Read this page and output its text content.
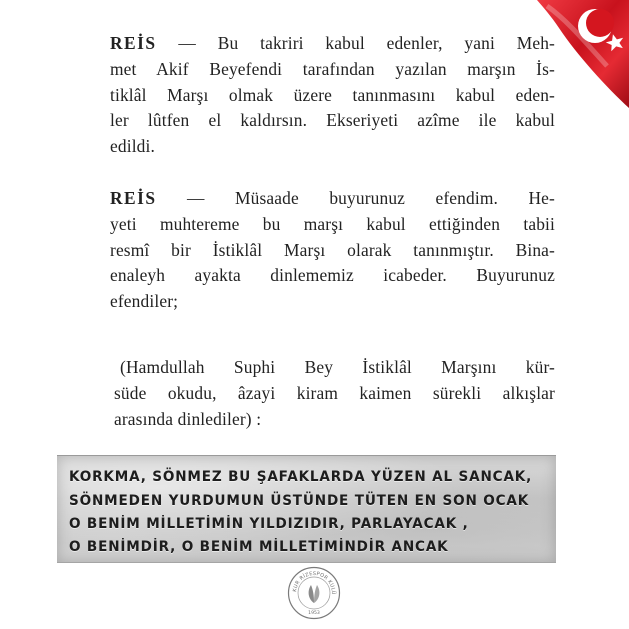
REİS — Bu takriri kabul edenler, yani Meh-
met Akif Beyefendi tarafından yazılan marşın İs-
tiklâl Marşı olmak üzere tanınmasını kabul eden-
ler lûtfen el kaldırsın. Ekseriyeti azîme ile kabul
edildi.
REİS — Müsaade buyurunuz efendim. He-
yeti muhtereme bu marşı kabul ettiğinden tabii
resmî bir İstiklâl Marşı olarak tanınmıştır. Bina-
enaleyh ayakta dinlememiz icabeder. Buyurunuz
efendiler;
(Hamdullah Suphi Bey İstiklâl Marşını kür-
süde okudu, âzayi kiram kaimen sürekli alkışlar
arasında dinlediler) :
KORKMA, SÖNMEZ BU ŞAFAKLARDA YÜZEN AL SANCAK,
SÖNMEDEN YURDUMUN ÜSTÜNDE TÜTEN EN SON OCAK
O BENİM MİLLETİMİN YILDIZIDIR, PARLAYACAK ,
O BENİMDİR, O BENİM MİLLETİMİNDİR ANCAK
KUR RİZESPOR KULÜ
1953
